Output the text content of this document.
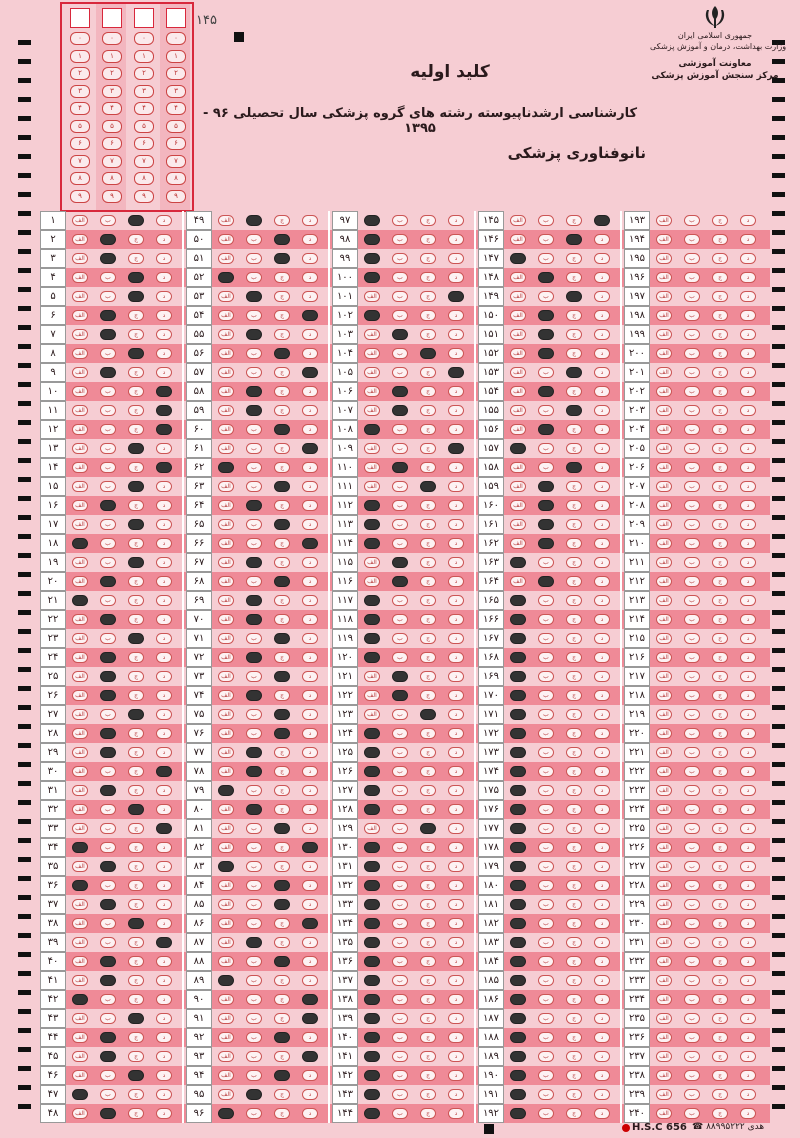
۰
۱
۲
۳
۴
۵
۶
۷
۸
۹
۰
۱
۲
۳
۴
۵
۶
۷
۸
۹
۰
۱
۲
۳
۴
۵
۶
۷
۸
۹
۰
۱
۲
۳
۴
۵
۶
۷
۸
۹
۱۴۵
جمهوری اسلامی ایران
وزارت بهداشت، درمان و آموزش پزشکی
معاونت آموزشی
مرکز سنجش آموزش پزشکی
کلید اولیه
کارشناسی ارشدناپیوسته رشته های گروه پزشکی سال تحصیلی ۹۶ - ۱۳۹۵
نانوفناوری پزشکی
۱	الف	ب	د	۴۹	الف	ج	د	۹۷	ب	ج	د	۱۴۵	الف	ب	ج	۱۹۳	الف	ب	ج	د
۲	الف	ج	د	۵۰	الف	ب	د	۹۸	ب	ج	د	۱۴۶	الف	ب	د	۱۹۴	الف	ب	ج	د
۳	الف	ج	د	۵۱	الف	ب	د	۹۹	ب	ج	د	۱۴۷	ب	ج	د	۱۹۵	الف	ب	ج	د
۴	الف	ب	د	۵۲	ب	ج	د	۱۰۰	ب	ج	د	۱۴۸	الف	ج	د	۱۹۶	الف	ب	ج	د
۵	الف	ب	د	۵۳	الف	ج	د	۱۰۱	الف	ب	ج	۱۴۹	الف	ب	د	۱۹۷	الف	ب	ج	د
۶	الف	ج	د	۵۴	الف	ب	ج	۱۰۲	ب	ج	د	۱۵۰	الف	ج	د	۱۹۸	الف	ب	ج	د
۷	الف	ج	د	۵۵	الف	ج	د	۱۰۳	الف	ج	د	۱۵۱	الف	ج	د	۱۹۹	الف	ب	ج	د
۸	الف	ب	د	۵۶	الف	ب	د	۱۰۴	الف	ب	د	۱۵۲	الف	ج	د	۲۰۰	الف	ب	ج	د
۹	الف	ج	د	۵۷	الف	ب	ج	۱۰۵	الف	ب	ج	۱۵۳	الف	ب	د	۲۰۱	الف	ب	ج	د
۱۰	الف	ب	ج	۵۸	الف	ج	د	۱۰۶	الف	ج	د	۱۵۴	الف	ج	د	۲۰۲	الف	ب	ج	د
۱۱	الف	ب	ج	۵۹	الف	ج	د	۱۰۷	الف	ج	د	۱۵۵	الف	ب	د	۲۰۳	الف	ب	ج	د
۱۲	الف	ب	ج	۶۰	الف	ب	د	۱۰۸	ب	ج	د	۱۵۶	الف	ج	د	۲۰۴	الف	ب	ج	د
۱۳	الف	ب	د	۶۱	الف	ب	ج	۱۰۹	الف	ب	ج	۱۵۷	ب	ج	د	۲۰۵	الف	ب	ج	د
۱۴	الف	ب	ج	۶۲	ب	ج	د	۱۱۰	الف	ج	د	۱۵۸	الف	ب	د	۲۰۶	الف	ب	ج	د
۱۵	الف	ب	د	۶۳	الف	ب	د	۱۱۱	الف	ب	د	۱۵۹	الف	ج	د	۲۰۷	الف	ب	ج	د
۱۶	الف	ج	د	۶۴	الف	ج	د	۱۱۲	ب	ج	د	۱۶۰	الف	ج	د	۲۰۸	الف	ب	ج	د
۱۷	الف	ب	د	۶۵	الف	ب	د	۱۱۳	ب	ج	د	۱۶۱	الف	ج	د	۲۰۹	الف	ب	ج	د
۱۸	ب	ج	د	۶۶	الف	ب	ج	۱۱۴	ب	ج	د	۱۶۲	الف	ج	د	۲۱۰	الف	ب	ج	د
۱۹	الف	ب	د	۶۷	الف	ج	د	۱۱۵	الف	ج	د	۱۶۳	ب	ج	د	۲۱۱	الف	ب	ج	د
۲۰	الف	ج	د	۶۸	الف	ب	د	۱۱۶	الف	ج	د	۱۶۴	الف	ج	د	۲۱۲	الف	ب	ج	د
۲۱	ب	ج	د	۶۹	الف	ج	د	۱۱۷	ب	ج	د	۱۶۵	ب	ج	د	۲۱۳	الف	ب	ج	د
۲۲	الف	ج	د	۷۰	الف	ج	د	۱۱۸	ب	ج	د	۱۶۶	ب	ج	د	۲۱۴	الف	ب	ج	د
۲۳	الف	ب	د	۷۱	الف	ب	د	۱۱۹	ب	ج	د	۱۶۷	ب	ج	د	۲۱۵	الف	ب	ج	د
۲۴	الف	ج	د	۷۲	الف	ج	د	۱۲۰	ب	ج	د	۱۶۸	ب	ج	د	۲۱۶	الف	ب	ج	د
۲۵	الف	ج	د	۷۳	الف	ب	د	۱۲۱	الف	ج	د	۱۶۹	ب	ج	د	۲۱۷	الف	ب	ج	د
۲۶	الف	ج	د	۷۴	الف	ج	د	۱۲۲	الف	ج	د	۱۷۰	ب	ج	د	۲۱۸	الف	ب	ج	د
۲۷	الف	ب	د	۷۵	الف	ب	د	۱۲۳	الف	ب	د	۱۷۱	ب	ج	د	۲۱۹	الف	ب	ج	د
۲۸	الف	ج	د	۷۶	الف	ب	د	۱۲۴	ب	ج	د	۱۷۲	ب	ج	د	۲۲۰	الف	ب	ج	د
۲۹	الف	ج	د	۷۷	الف	ج	د	۱۲۵	ب	ج	د	۱۷۳	ب	ج	د	۲۲۱	الف	ب	ج	د
۳۰	الف	ب	ج	۷۸	الف	ج	د	۱۲۶	ب	ج	د	۱۷۴	ب	ج	د	۲۲۲	الف	ب	ج	د
۳۱	الف	ج	د	۷۹	ب	ج	د	۱۲۷	ب	ج	د	۱۷۵	ب	ج	د	۲۲۳	الف	ب	ج	د
۳۲	الف	ب	د	۸۰	الف	ج	د	۱۲۸	ب	ج	د	۱۷۶	ب	ج	د	۲۲۴	الف	ب	ج	د
۳۳	الف	ب	ج	۸۱	الف	ب	د	۱۲۹	الف	ب	د	۱۷۷	ب	ج	د	۲۲۵	الف	ب	ج	د
۳۴	ب	ج	د	۸۲	الف	ب	ج	۱۳۰	ب	ج	د	۱۷۸	ب	ج	د	۲۲۶	الف	ب	ج	د
۳۵	الف	ج	د	۸۳	ب	ج	د	۱۳۱	ب	ج	د	۱۷۹	ب	ج	د	۲۲۷	الف	ب	ج	د
۳۶	ب	ج	د	۸۴	الف	ب	د	۱۳۲	ب	ج	د	۱۸۰	ب	ج	د	۲۲۸	الف	ب	ج	د
۳۷	الف	ج	د	۸۵	الف	ب	د	۱۳۳	ب	ج	د	۱۸۱	ب	ج	د	۲۲۹	الف	ب	ج	د
۳۸	الف	ب	د	۸۶	الف	ب	ج	۱۳۴	ب	ج	د	۱۸۲	ب	ج	د	۲۳۰	الف	ب	ج	د
۳۹	الف	ب	ج	۸۷	الف	ج	د	۱۳۵	ب	ج	د	۱۸۳	ب	ج	د	۲۳۱	الف	ب	ج	د
۴۰	الف	ج	د	۸۸	الف	ب	د	۱۳۶	ب	ج	د	۱۸۴	ب	ج	د	۲۳۲	الف	ب	ج	د
۴۱	الف	ج	د	۸۹	ب	ج	د	۱۳۷	ب	ج	د	۱۸۵	ب	ج	د	۲۳۳	الف	ب	ج	د
۴۲	ب	ج	د	۹۰	الف	ب	ج	۱۳۸	ب	ج	د	۱۸۶	ب	ج	د	۲۳۴	الف	ب	ج	د
۴۳	الف	ب	د	۹۱	الف	ب	ج	۱۳۹	ب	ج	د	۱۸۷	ب	ج	د	۲۳۵	الف	ب	ج	د
۴۴	الف	ج	د	۹۲	الف	ب	د	۱۴۰	ب	ج	د	۱۸۸	ب	ج	د	۲۳۶	الف	ب	ج	د
۴۵	الف	ج	د	۹۳	الف	ب	ج	۱۴۱	ب	ج	د	۱۸۹	ب	ج	د	۲۳۷	الف	ب	ج	د
۴۶	الف	ب	د	۹۴	الف	ب	د	۱۴۲	ب	ج	د	۱۹۰	ب	ج	د	۲۳۸	الف	ب	ج	د
۴۷	ب	ج	د	۹۵	الف	ج	د	۱۴۳	ب	ج	د	۱۹۱	ب	ج	د	۲۳۹	الف	ب	ج	د
۴۸	الف	ج	د	۹۶	ب	ج	د	۱۴۴	ب	ج	د	۱۹۲	ب	ج	د	۲۴۰	الف	ب	ج	د
H.S.C 656 ☎ ۸۸۹۹۵۲۲۲ هدی
